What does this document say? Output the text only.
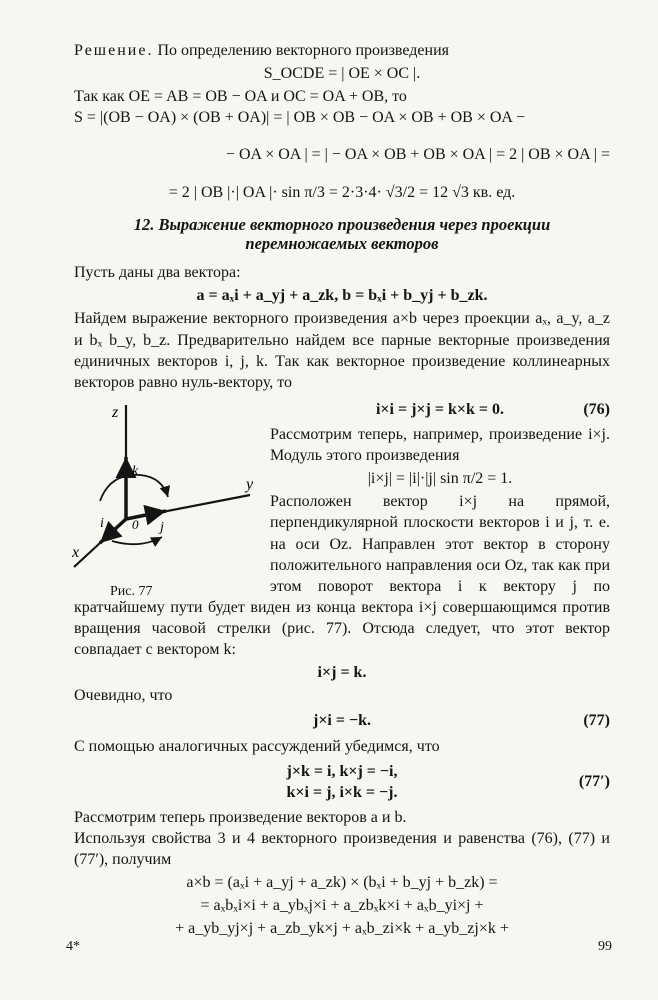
Решение. По определению векторного произведения

S_OCDE = | OE × OC |.

Так как OE = AB = OB − OA и OC = OA + OB, то

S = |(OB − OA) × (OB + OA)| = | OB × OB − OA × OB + OB × OA −

− OA × OA | = | − OA × OB + OB × OA | = 2 | OB × OA | =

= 2 | OB |·| OA |· sin π/3 = 2·3·4· √3/2 = 12 √3 кв. ед.

12. Выражение векторного произведения через проекции
перемножаемых векторов

Пусть даны два вектора:

a = aₓi + a_yj + a_zk, b = bₓi + b_yj + b_zk.

Найдем выражение векторного произведения a×b через проекции aₓ, a_y, a_z и bₓ b_y, b_z. Предварительно найдем все парные векторные произведения единичных векторов i, j, k. Так как векторное произведение коллинеарных векторов равно нуль-вектору, то

z
y
x
k
j
i 0
Рис. 77

i×i = j×j = k×k = 0.	(76)

Рассмотрим теперь, например, произведение i×j. Модуль этого произведения

|i×j| = |i|·|j| sin π/2 = 1.

Расположен вектор i×j на прямой, перпендикулярной плоскости векторов i и j, т. е. на оси Oz. Направлен этот вектор в сторону положительного направления оси Oz, так как при этом поворот вектора i к вектору j по кратчайшему пути будет виден из конца вектора i×j совершающимся против вращения часовой стрелки (рис. 77). Отсюда следует, что этот вектор совпадает с вектором k:

i×j = k.

Очевидно, что

j×i = −k.	(77)

С помощью аналогичных рассуждений убедимся, что

j×k = i, k×j = −i,
k×i = j, i×k = −j.
(77′)

Рассмотрим теперь произведение векторов a и b.

Используя свойства 3 и 4 векторного произведения и равенства (76), (77) и (77′), получим

a×b = (aₓi + a_yj + a_zk) × (bₓi + b_yj + b_zk) =

= aₓbₓi×i + a_ybₓj×i + a_zbₓk×i + aₓb_yi×j +

+ a_yb_yj×j + a_zb_yk×j + aₓb_zi×k + a_yb_zj×k +

4*	99
